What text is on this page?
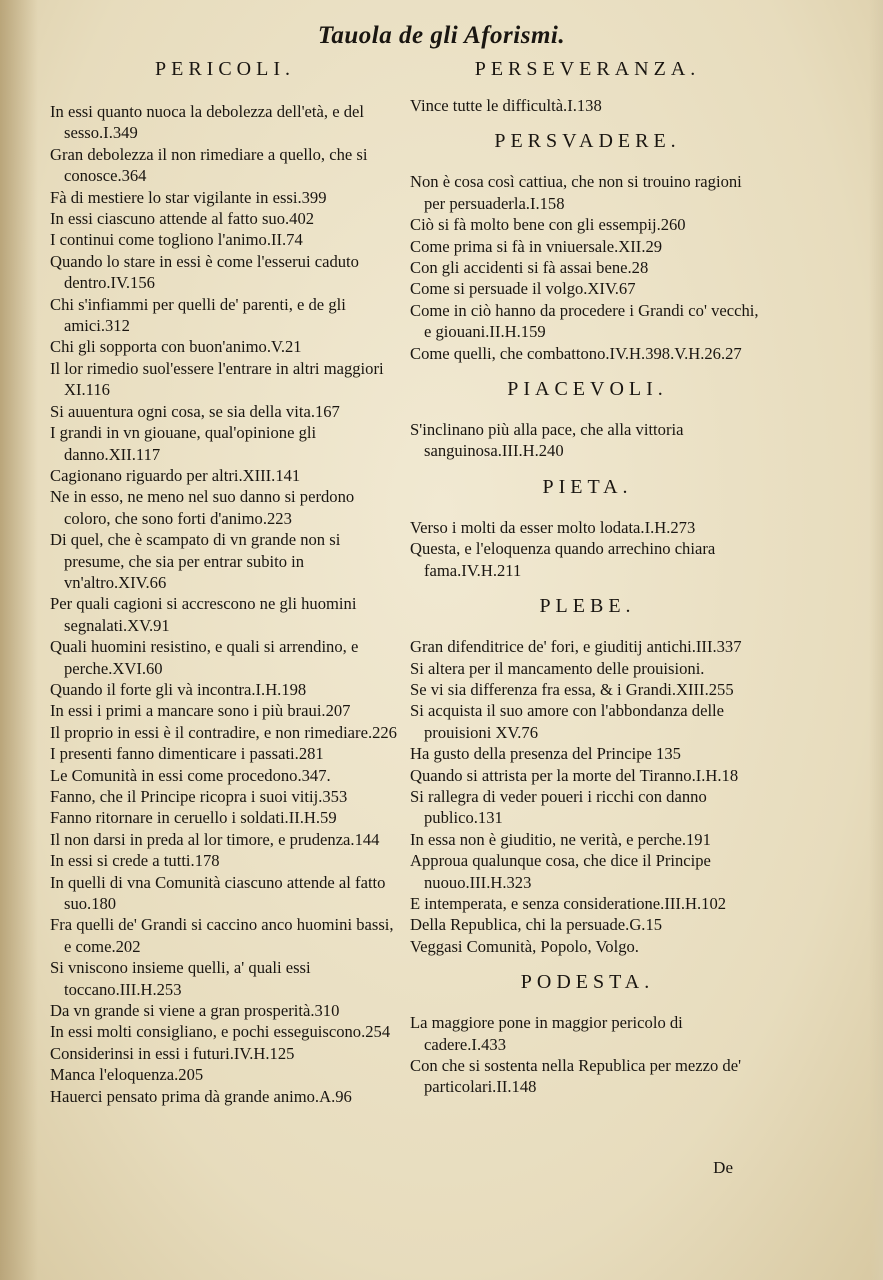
Tauola de gli Aforismi.
PERICOLI.
In essi quanto nuoca la debolezza dell'età, e del sesso.I.349
Gran debolezza il non rimediare a quello, che si conosce.364
Fà di mestiere lo star vigilante in essi.399
In essi ciascuno attende al fatto suo.402
I continui come togliono l'animo.II.74
Quando lo stare in essi è come l'esserui caduto dentro.IV.156
Chi s'infiammi per quelli de' parenti, e de gli amici.312
Chi gli sopporta con buon'animo.V.21
Il lor rimedio suol'essere l'entrare in altri maggiori XI.116
Si auuentura ogni cosa, se sia della vita.167
I grandi in vn giouane, qual'opinione gli danno.XII.117
Cagionano riguardo per altri.XIII.141
Ne in esso, ne meno nel suo danno si perdono coloro, che sono forti d'animo.223
Di quel, che è scampato di vn grande non si presume, che sia per entrar subito in vn'altro.XIV.66
Per quali cagioni si accrescono ne gli huomini segnalati.XV.91
Quali huomini resistino, e quali si arrendino, e perche.XVI.60
Quando il forte gli và incontra.I.H.198
In essi i primi a mancare sono i più braui.207
Il proprio in essi è il contradire, e non rimediare.226
I presenti fanno dimenticare i passati.281
Le Comunità in essi come procedono.347.
Fanno, che il Principe ricopra i suoi vitij.353
Fanno ritornare in ceruello i soldati.II.H.59
Il non darsi in preda al lor timore, e prudenza.144
In essi si crede a tutti.178
In quelli di vna Comunità ciascuno attende al fatto suo.180
Fra quelli de' Grandi si caccino anco huomini bassi, e come.202
Si vniscono insieme quelli, a' quali essi toccano.III.H.253
Da vn grande si viene a gran prosperità.310
In essi molti consigliano, e pochi esseguiscono.254
Considerinsi in essi i futuri.IV.H.125
Manca l'eloquenza.205
Hauerci pensato prima dà grande animo.A.96
PERSEVERANZA.
Vince tutte le difficultà.I.138
PERSVADERE.
Non è cosa così cattiua, che non si trouino ragioni per persuaderla.I.158
Ciò si fà molto bene con gli essempij.260
Come prima si fà in vniuersale.XII.29
Con gli accidenti si fà assai bene.28
Come si persuade il volgo.XIV.67
Come in ciò hanno da procedere i Grandi co' vecchi, e giouani.II.H.159
Come quelli, che combattono.IV.H.398.V.H.26.27
PIACEVOLI.
S'inclinano più alla pace, che alla vittoria sanguinosa.III.H.240
PIETA.
Verso i molti da esser molto lodata.I.H.273
Questa, e l'eloquenza quando arrechino chiara fama.IV.H.211
PLEBE.
Gran difenditrice de' fori, e giuditij antichi.III.337
Si altera per il mancamento delle prouisioni.
Se vi sia differenza fra essa, & i Grandi.XIII.255
Si acquista il suo amore con l'abbondanza delle prouisioni XV.76
Ha gusto della presenza del Principe 135
Quando si attrista per la morte del Tiranno.I.H.18
Si rallegra di veder poueri i ricchi con danno publico.131
In essa non è giuditio, ne verità, e perche.191
Approua qualunque cosa, che dice il Principe nuouo.III.H.323
E intemperata, e senza consideratione.III.H.102
Della Republica, chi la persuade.G.15
Veggasi Comunità, Popolo, Volgo.
PODESTA.
La maggiore pone in maggior pericolo di cadere.I.433
Con che si sostenta nella Republica per mezzo de' particolari.II.148
De
